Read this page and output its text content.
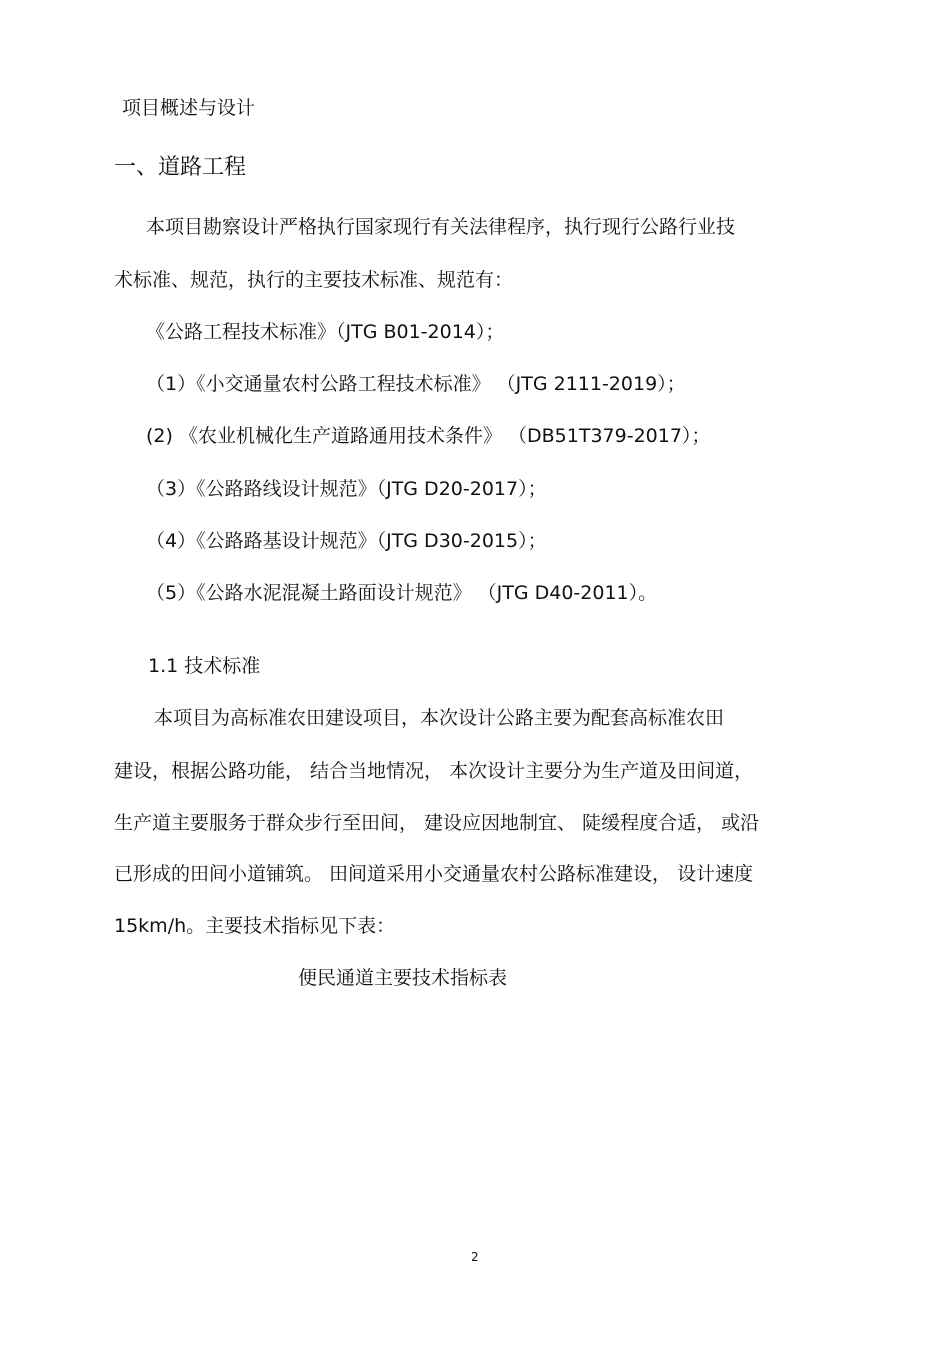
项目概述与设计
一、道路工程
本项目勘察设计严格执行国家现行有关法律程序，执行现行公路行业技
术标准、规范，执行的主要技术标准、规范有：
《公路工程技术标准》（JTG B01-2014）；
（1）《小交通量农村公路工程技术标准》 （JTG 2111-2019）；
(2) 《农业机械化生产道路通用技术条件》 （DB51T379-2017）；
（3）《公路路线设计规范》（JTG D20-2017）；
（4）《公路路基设计规范》（JTG D30-2015）；
（5）《公路水泥混凝土路面设计规范》 （JTG D40-2011）。
1.1 技术标准
本项目为高标准农田建设项目，本次设计公路主要为配套高标准农田
建设，根据公路功能， 结合当地情况， 本次设计主要分为生产道及田间道，
生产道主要服务于群众步行至田间， 建设应因地制宜、 陡缓程度合适， 或沿
已形成的田间小道铺筑。 田间道采用小交通量农村公路标准建设， 设计速度
15km/h。主要技术指标见下表：
便民通道主要技术指标表
2
